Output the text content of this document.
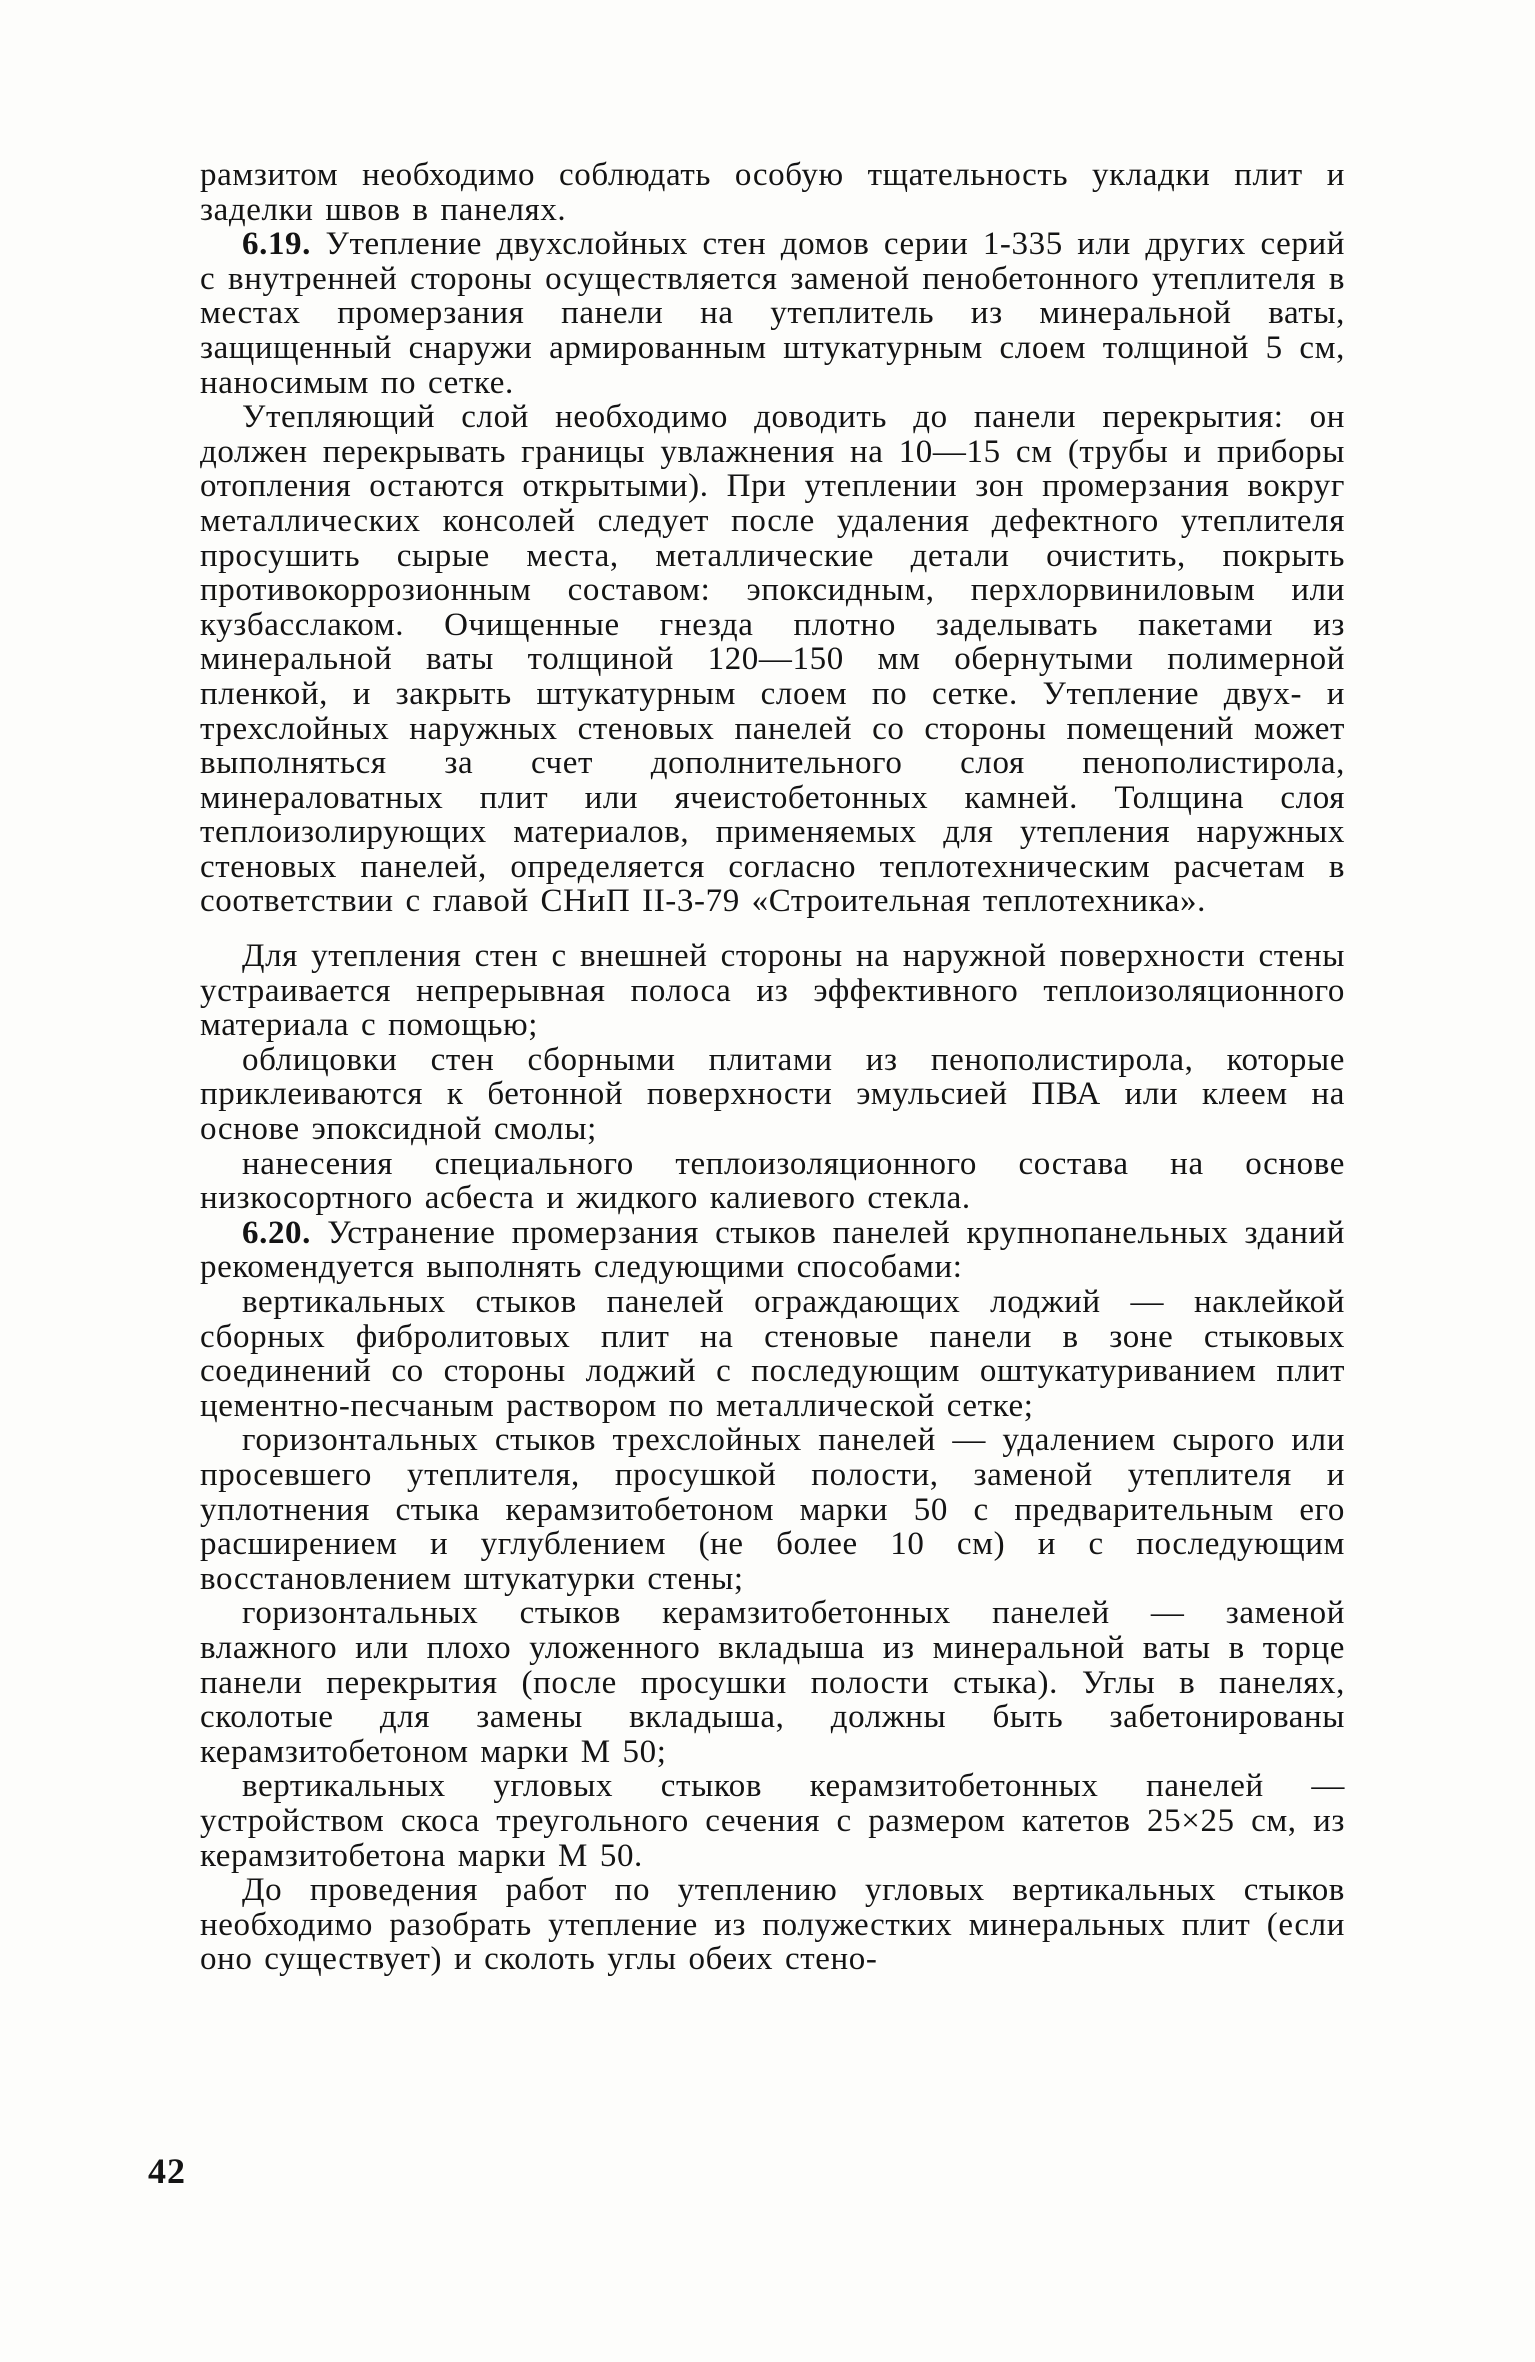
рамзитом необходимо соблюдать особую тщательность укладки плит и заделки швов в панелях.

6.19. Утепление двухслойных стен домов серии 1-335 или других серий с внутренней стороны осуществляется заменой пенобетонного утеплителя в местах промерзания панели на утеплитель из минеральной ваты, защищенный снаружи армированным штукатурным слоем толщиной 5 см, наносимым по сетке.

Утепляющий слой необходимо доводить до панели перекрытия: он должен перекрывать границы увлажнения на 10—15 см (трубы и приборы отопления остаются открытыми). При утеплении зон промерзания вокруг металлических консолей следует после удаления дефектного утеплителя просушить сырые места, металлические детали очистить, покрыть противокоррозионным составом: эпоксидным, перхлорвиниловым или кузбасслаком. Очищенные гнезда плотно заделывать пакетами из минеральной ваты толщиной 120—150 мм обернутыми полимерной пленкой, и закрыть штукатурным слоем по сетке. Утепление двух- и трехслойных наружных стеновых панелей со стороны помещений может выполняться за счет дополнительного слоя пенополистирола, минераловатных плит или ячеистобетонных камней. Толщина слоя теплоизолирующих материалов, применяемых для утепления наружных стеновых панелей, определяется согласно теплотехническим расчетам в соответствии с главой СНиП II-3-79 «Строительная теплотехника».

Для утепления стен с внешней стороны на наружной поверхности стены устраивается непрерывная полоса из эффективного теплоизоляционного материала с помощью;

облицовки стен сборными плитами из пенополистирола, которые приклеиваются к бетонной поверхности эмульсией ПВА или клеем на основе эпоксидной смолы;

нанесения специального теплоизоляционного состава на основе низкосортного асбеста и жидкого калиевого стекла.

6.20. Устранение промерзания стыков панелей крупнопанельных зданий рекомендуется выполнять следующими способами:

вертикальных стыков панелей ограждающих лоджий — наклейкой сборных фибролитовых плит на стеновые панели в зоне стыковых соединений со стороны лоджий с последующим оштукатуриванием плит цементно-песчаным раствором по металлической сетке;

горизонтальных стыков трехслойных панелей — удалением сырого или просевшего утеплителя, просушкой полости, заменой утеплителя и уплотнения стыка керамзитобетоном марки 50 с предварительным его расширением и углублением (не более 10 см) и с последующим восстановлением штукатурки стены;

горизонтальных стыков керамзитобетонных панелей — заменой влажного или плохо уложенного вкладыша из минеральной ваты в торце панели перекрытия (после просушки полости стыка). Углы в панелях, сколотые для замены вкладыша, должны быть забетонированы керамзитобетоном марки М 50;

вертикальных угловых стыков керамзитобетонных панелей — устройством скоса треугольного сечения с размером катетов 25×25 см, из керамзитобетона марки М 50.

До проведения работ по утеплению угловых вертикальных стыков необходимо разобрать утепление из полужестких минеральных плит (если оно существует) и сколоть углы обеих стено-

42
